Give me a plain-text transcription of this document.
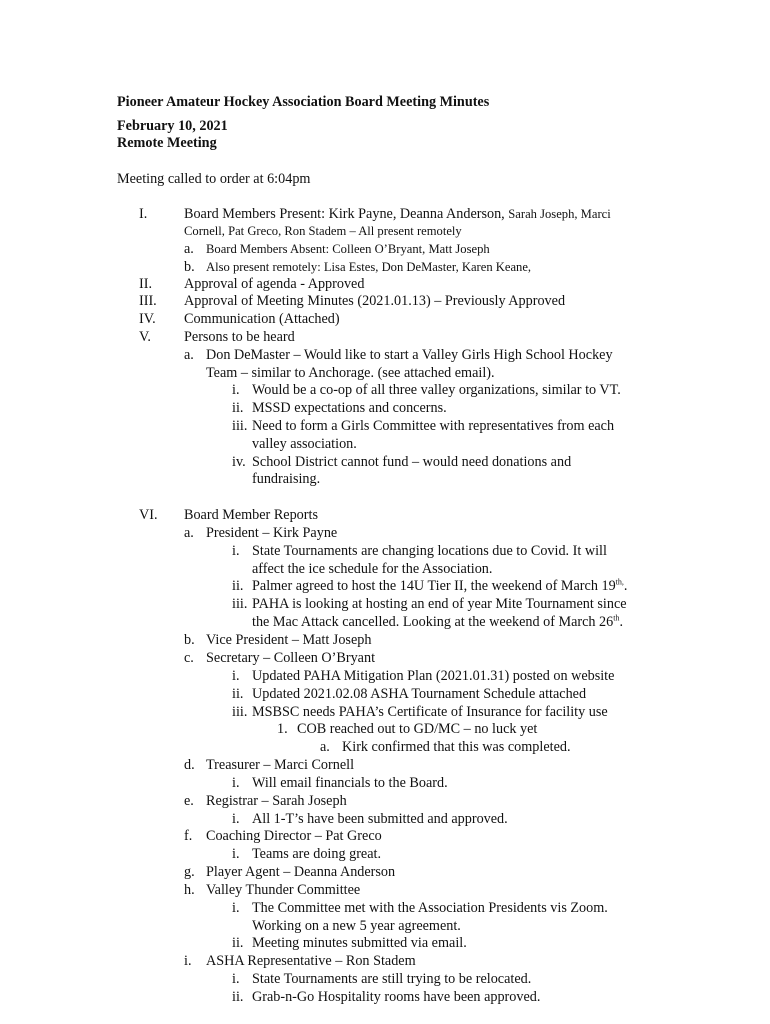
Pioneer Amateur Hockey Association Board Meeting Minutes
February 10, 2021
Remote Meeting
Meeting called to order at 6:04pm
I.	Board Members Present: Kirk Payne, Deanna Anderson, Sarah Joseph, Marci
Cornell, Pat Greco, Ron Stadem – All present remotely
a. Board Members Absent: Colleen O’Bryant, Matt Joseph
b. Also present remotely: Lisa Estes, Don DeMaster, Karen Keane,
II. Approval of agenda - Approved
III. Approval of Meeting Minutes (2021.01.13) – Previously Approved
IV. Communication (Attached)
V. Persons to be heard
a. Don DeMaster – Would like to start a Valley Girls High School Hockey
Team – similar to Anchorage. (see attached email).
i. Would be a co-op of all three valley organizations, similar to VT.
ii. MSSD expectations and concerns.
iii. Need to form a Girls Committee with representatives from each
valley association.
iv. School District cannot fund – would need donations and
fundraising.
VI. Board Member Reports
a. President – Kirk Payne
i. State Tournaments are changing locations due to Covid. It will
affect the ice schedule for the Association.
ii. Palmer agreed to host the 14U Tier II, the weekend of March $19^{th,}$.
iii. PAHA is looking at hosting an end of year Mite Tournament since
the Mac Attack cancelled. Looking at the weekend of March 26th.
b. Vice President – Matt Joseph
c. Secretary – Colleen O’Bryant
i. Updated PAHA Mitigation Plan (2021.01.31) posted on website
ii. Updated 2021.02.08 ASHA Tournament Schedule attached
iii. MSBSC needs PAHA’s Certificate of Insurance for facility use
1. COB reached out to GD/MC – no luck yet
a. Kirk confirmed that this was completed.
d. Treasurer – Marci Cornell
i. Will email financials to the Board.
e. Registrar – Sarah Joseph
i. All 1-T’s have been submitted and approved.
f. Coaching Director – Pat Greco
i. Teams are doing great.
g. Player Agent – Deanna Anderson
h. Valley Thunder Committee
i. The Committee met with the Association Presidents vis Zoom.
Working on a new 5 year agreement.
ii. Meeting minutes submitted via email.
i. ASHA Representative – Ron Stadem
i. State Tournaments are still trying to be relocated.
ii. Grab-n-Go Hospitality rooms have been approved.
